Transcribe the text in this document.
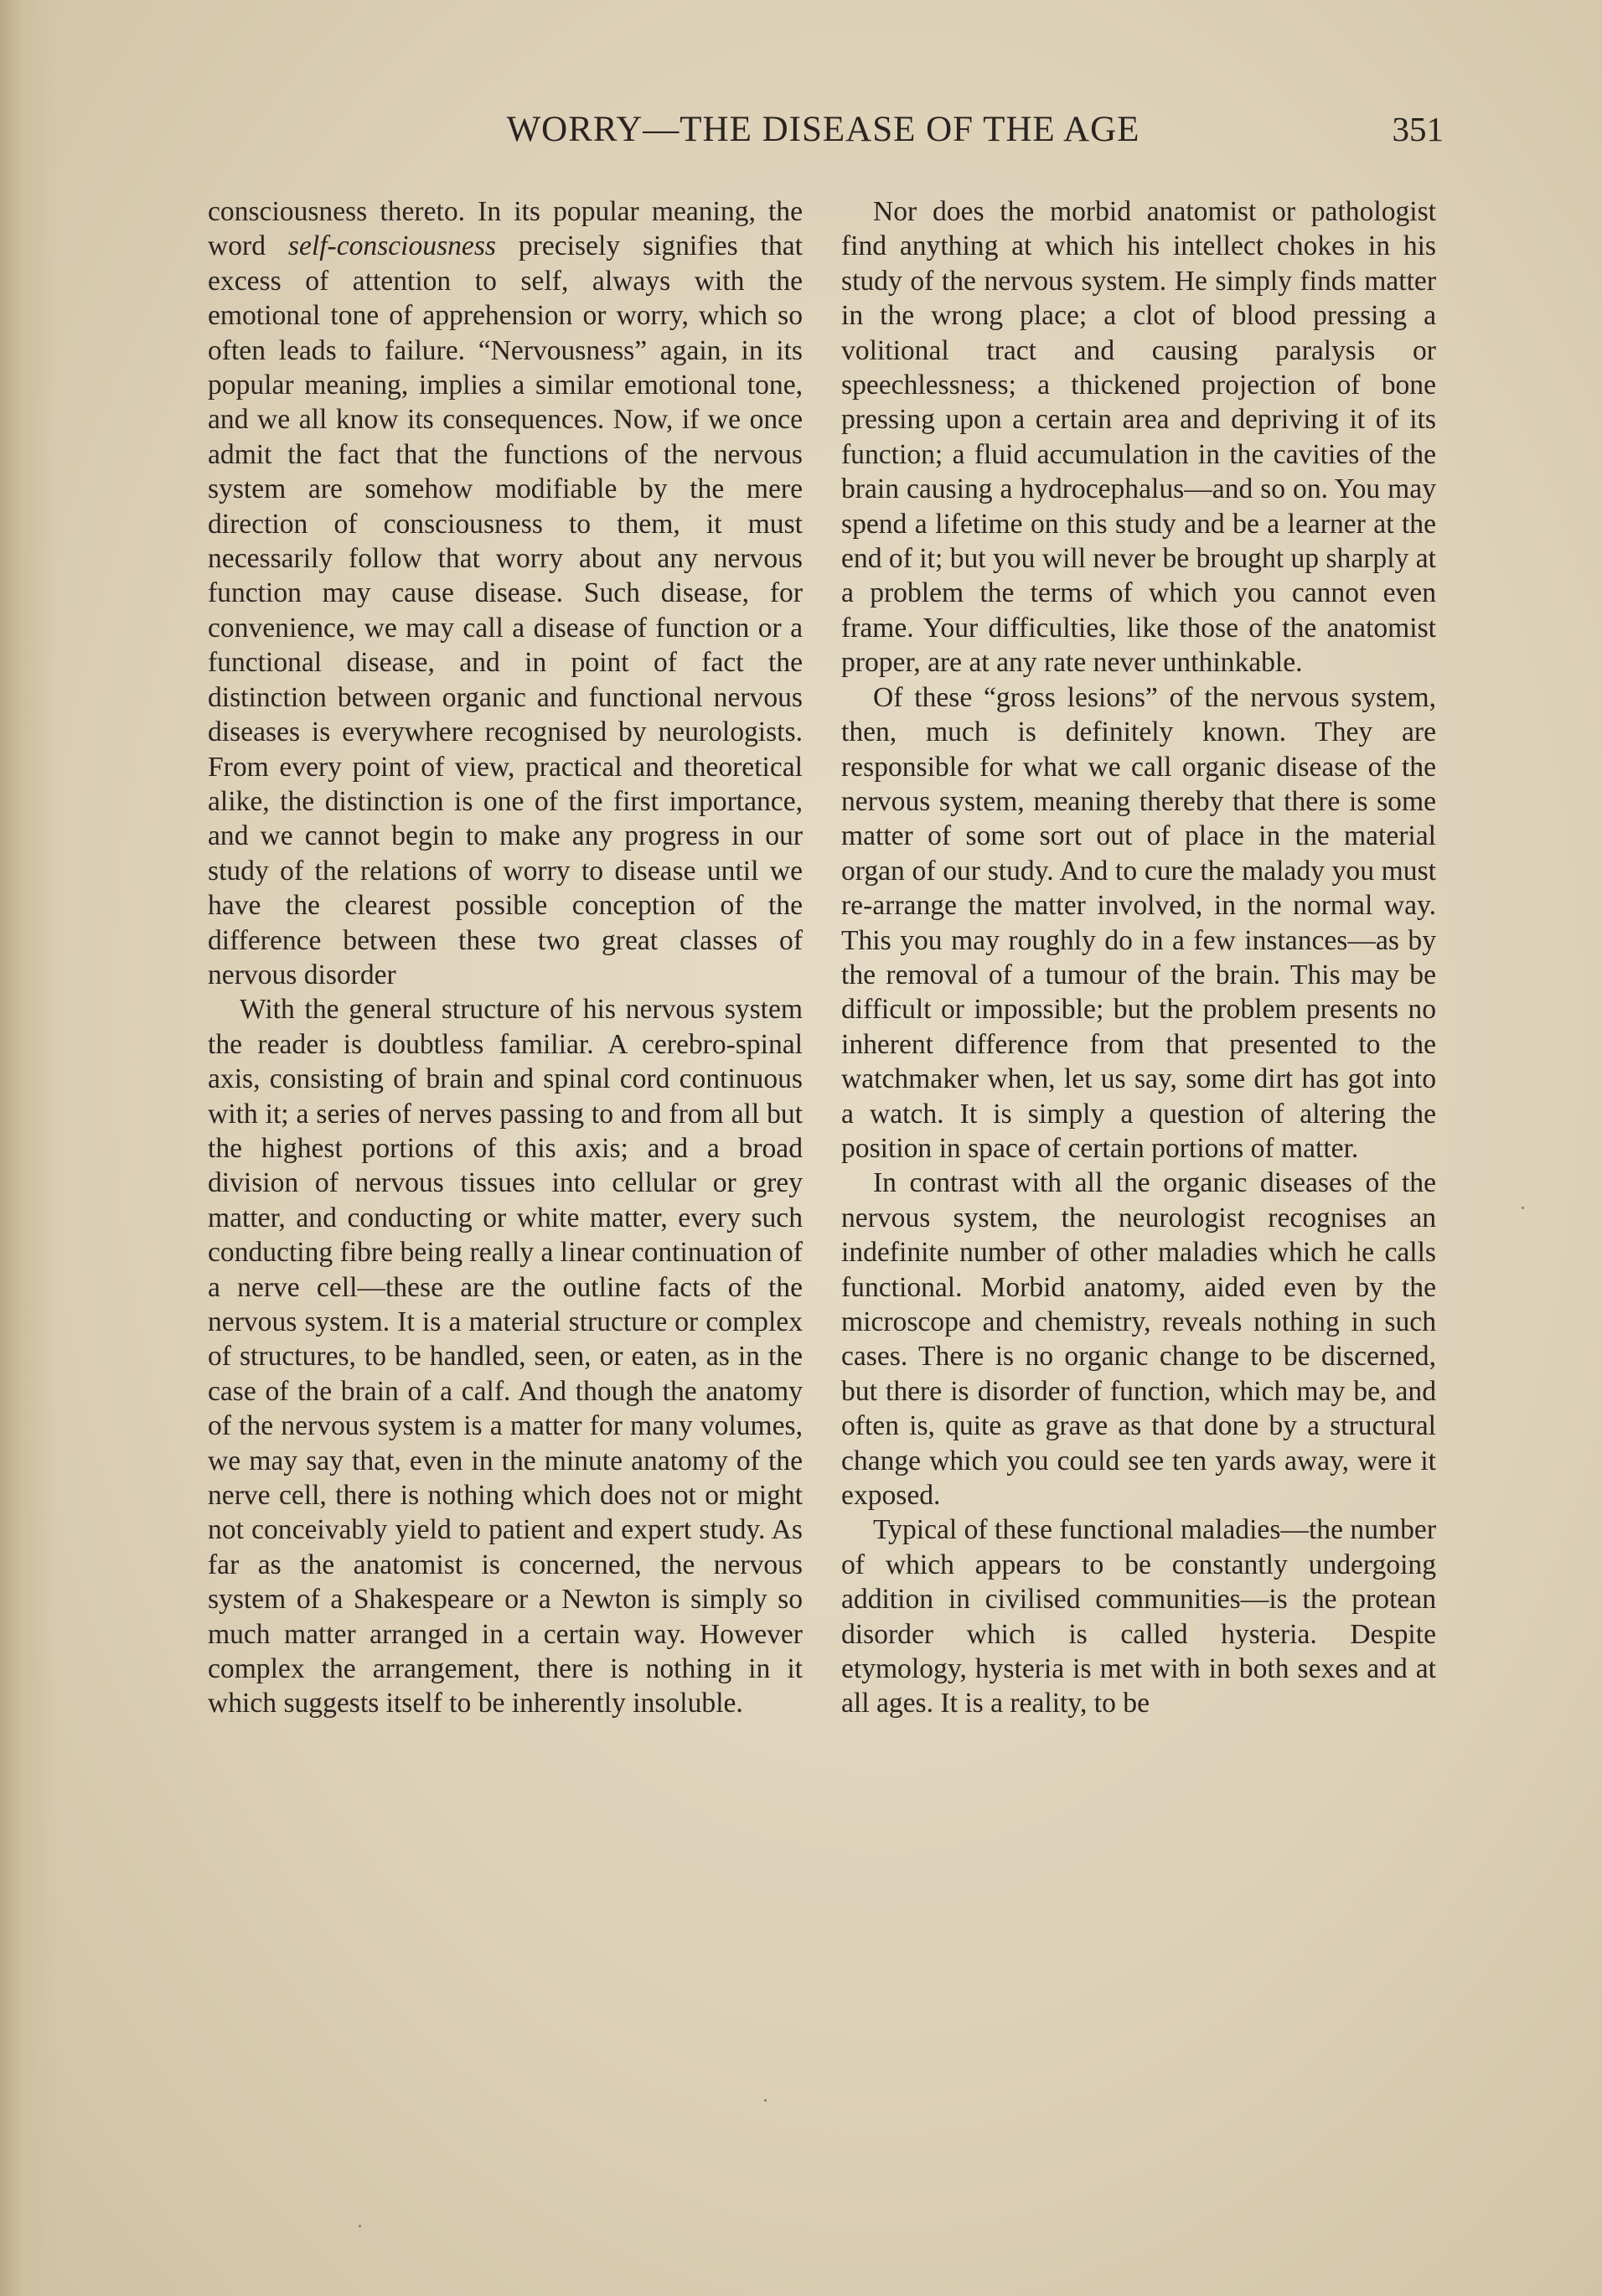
WORRY—THE DISEASE OF THE AGE	351

consciousness thereto. In its popular meaning, the word self-consciousness precisely signifies that excess of attention to self, always with the emotional tone of apprehension or worry, which so often leads to failure. “Nervousness” again, in its popular meaning, implies a similar emotional tone, and we all know its consequences. Now, if we once admit the fact that the functions of the nervous system are somehow modifiable by the mere direction of consciousness to them, it must necessarily follow that worry about any nervous function may cause disease. Such disease, for convenience, we may call a disease of function or a functional disease, and in point of fact the distinction between organic and functional nervous diseases is everywhere recognised by neurologists. From every point of view, practical and theoretical alike, the distinction is one of the first importance, and we cannot begin to make any progress in our study of the relations of worry to disease until we have the clearest possible conception of the difference between these two great classes of nervous disorder

With the general structure of his nervous system the reader is doubtless familiar. A cerebro-spinal axis, consisting of brain and spinal cord continuous with it; a series of nerves passing to and from all but the highest portions of this axis; and a broad division of nervous tissues into cellular or grey matter, and conducting or white matter, every such conducting fibre being really a linear continuation of a nerve cell—these are the outline facts of the nervous system. It is a material structure or complex of structures, to be handled, seen, or eaten, as in the case of the brain of a calf. And though the anatomy of the nervous system is a matter for many volumes, we may say that, even in the minute anatomy of the nerve cell, there is nothing which does not or might not conceivably yield to patient and expert study. As far as the anatomist is concerned, the nervous system of a Shakespeare or a Newton is simply so much matter arranged in a certain way. However complex the arrangement, there is nothing in it which suggests itself to be inherently insoluble.

Nor does the morbid anatomist or pathologist find anything at which his intellect chokes in his study of the nervous system. He simply finds matter in the wrong place; a clot of blood pressing a volitional tract and causing paralysis or speechlessness; a thickened projection of bone pressing upon a certain area and depriving it of its function; a fluid accumulation in the cavities of the brain causing a hydrocephalus—and so on. You may spend a lifetime on this study and be a learner at the end of it; but you will never be brought up sharply at a problem the terms of which you cannot even frame. Your difficulties, like those of the anatomist proper, are at any rate never unthinkable.

Of these “gross lesions” of the nervous system, then, much is definitely known. They are responsible for what we call organic disease of the nervous system, meaning thereby that there is some matter of some sort out of place in the material organ of our study. And to cure the malady you must re-arrange the matter involved, in the normal way. This you may roughly do in a few instances—as by the removal of a tumour of the brain. This may be difficult or impossible; but the problem presents no inherent difference from that presented to the watchmaker when, let us say, some dirt has got into a watch. It is simply a question of altering the position in space of certain portions of matter.

In contrast with all the organic diseases of the nervous system, the neurologist recognises an indefinite number of other maladies which he calls functional. Morbid anatomy, aided even by the microscope and chemistry, reveals nothing in such cases. There is no organic change to be discerned, but there is disorder of function, which may be, and often is, quite as grave as that done by a structural change which you could see ten yards away, were it exposed.

Typical of these functional maladies—the number of which appears to be constantly undergoing addition in civilised communities—is the protean disorder which is called hysteria. Despite etymology, hysteria is met with in both sexes and at all ages. It is a reality, to be
